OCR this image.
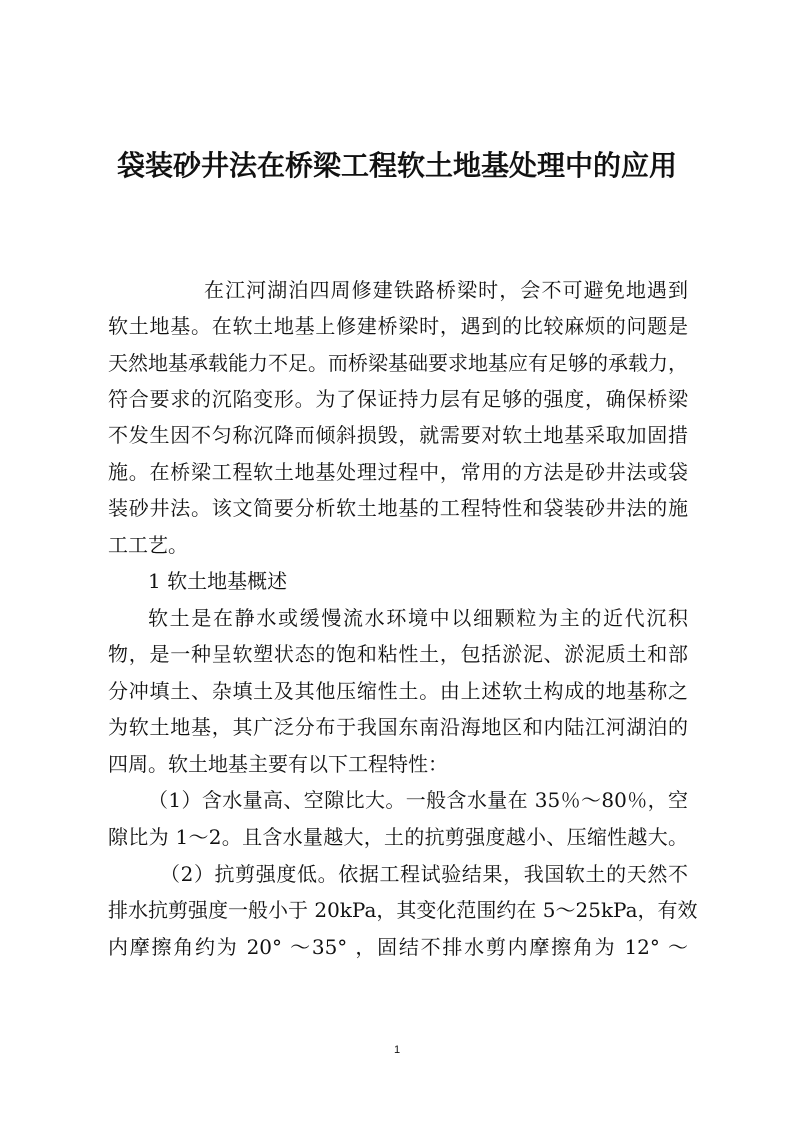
袋装砂井法在桥梁工程软土地基处理中的应用

在江河湖泊四周修建铁路桥梁时，会不可避免地遇到

软土地基。在软土地基上修建桥梁时，遇到的比较麻烦的问题是

天然地基承载能力不足。而桥梁基础要求地基应有足够的承载力，

符合要求的沉陷变形。为了保证持力层有足够的强度，确保桥梁

不发生因不匀称沉降而倾斜损毁，就需要对软土地基采取加固措

施。在桥梁工程软土地基处理过程中，常用的方法是砂井法或袋

装砂井法。该文简要分析软土地基的工程特性和袋装砂井法的施

工工艺。

1 软土地基概述

软土是在静水或缓慢流水环境中以细颗粒为主的近代沉积

物，是一种呈软塑状态的饱和粘性土，包括淤泥、淤泥质土和部

分冲填土、杂填土及其他压缩性土。由上述软土构成的地基称之

为软土地基，其广泛分布于我国东南沿海地区和内陆江河湖泊的

四周。软土地基主要有以下工程特性：

（1）含水量高、空隙比大。一般含水量在 35％～80％，空

隙比为 1～2。且含水量越大，土的抗剪强度越小、压缩性越大。

（2）抗剪强度低。依据工程试验结果，我国软土的天然不

排水抗剪强度一般小于 20kPa，其变化范围约在 5～25kPa，有效

内摩擦角约为 20° ～35° ，固结不排水剪内摩擦角为 12° ～

1
